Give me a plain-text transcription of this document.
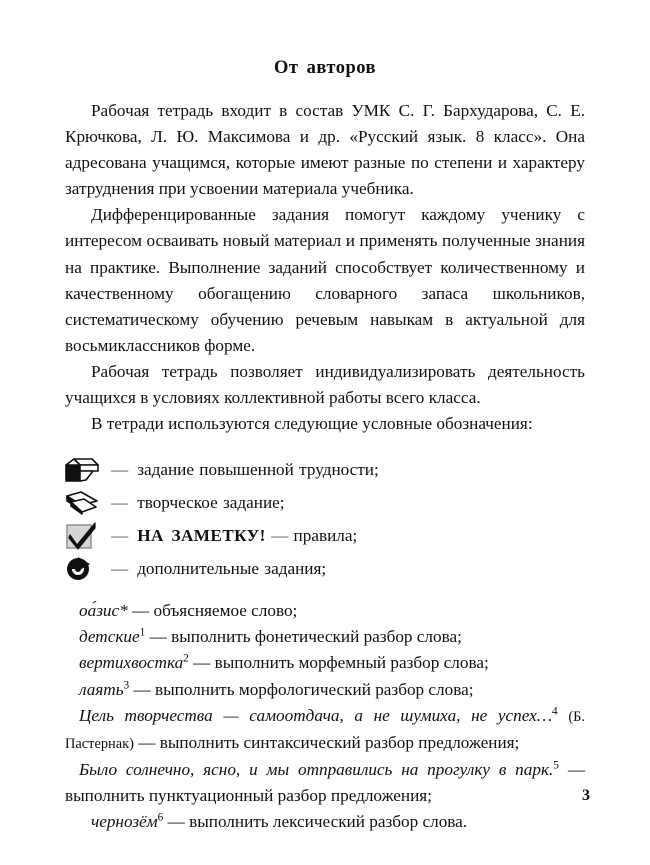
От авторов

Рабочая тетрадь входит в состав УМК С. Г. Бархударова, С. Е. Крючкова, Л. Ю. Максимова и др. «Русский язык. 8 класс». Она адресована учащимся, которые имеют разные по степени и характеру затруднения при усвоении материала учебника.

Дифференцированные задания помогут каждому ученику с интересом осваивать новый материал и применять полученные знания на практике. Выполнение заданий способствует количественному и качественному обогащению словарного запаса школьников, систематическому обучению речевым навыкам в актуальной для восьмиклассников форме.

Рабочая тетрадь позволяет индивидуализировать деятельность учащихся в условиях коллективной работы всего класса.

В тетради используются следующие условные обозначения:

— задание повышенной трудности;
— творческое задание;
— НА ЗАМЕТКУ! — правила;
— дополнительные задания;

оа́зис* — объясняемое слово;

детские$^1$ — выполнить фонетический разбор слова;

вертихвостка$^2$ — выполнить морфемный разбор слова;

лаять$^3$ — выполнить морфологический разбор слова;

Цель творчества — самоотдача, а не шумиха, не успех…$^4$ (Б. Пастернак) — выполнить синтаксический разбор предложения;

Было солнечно, ясно, и мы отправились на прогулку в парк.$^5$ — выполнить пунктуационный разбор предложения;

чернозём$^6$ — выполнить лексический разбор слова.

3
